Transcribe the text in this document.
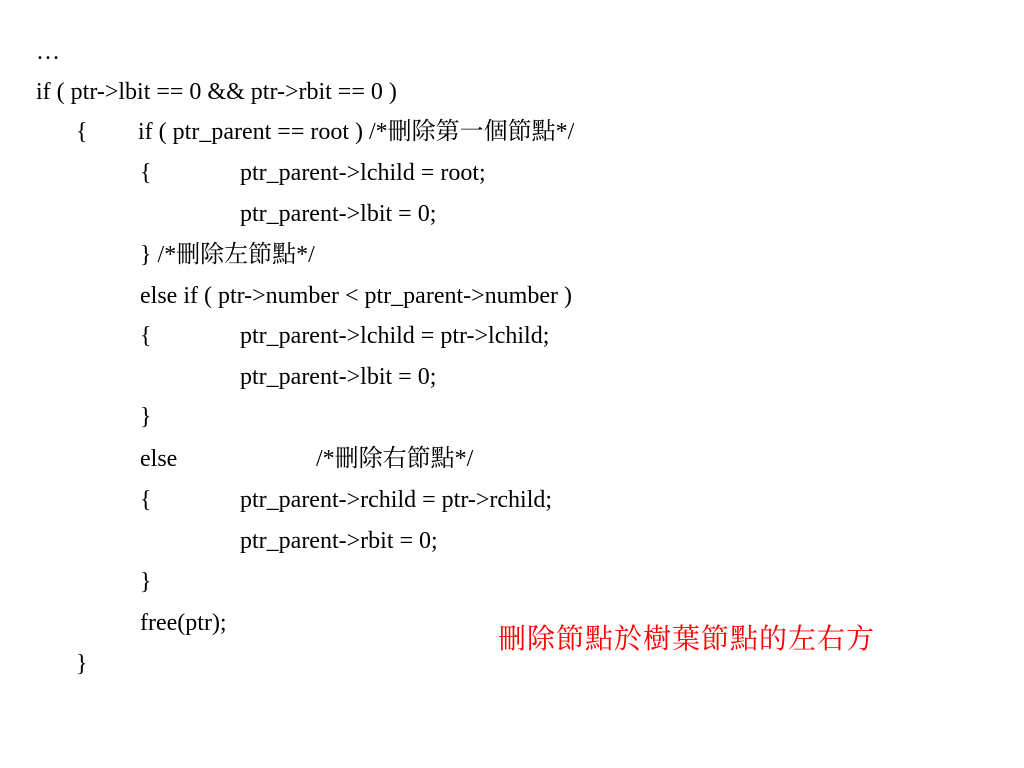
…
if ( ptr->lbit == 0 && ptr->rbit == 0 )
{ if ( ptr_parent == root ) /*刪除第一個節點*/
{	ptr_parent->lchild = root;
ptr_parent->lbit = 0;
} /*刪除左節點*/
else if ( ptr->number < ptr_parent->number )
{	ptr_parent->lchild = ptr->lchild;
ptr_parent->lbit = 0;
}
else	/*刪除右節點*/
{	ptr_parent->rchild = ptr->rchild;
ptr_parent->rbit = 0;
}
free(ptr);
}
刪除節點於樹葉節點的左右方
